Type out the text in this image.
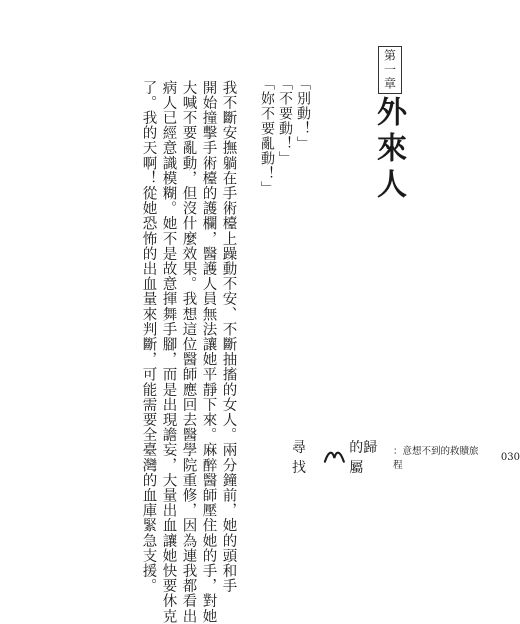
第一章
外來人
「別動！」
「不要動！」
「妳不要亂動！」
我不斷安撫躺在手術檯上躁動不安、不斷抽搐的女人。兩分鐘前，她的頭和手
開始撞擊手術檯的護欄，醫護人員無法讓她平靜下來。麻醉醫師壓住她的手，對她
大喊不要亂動，但沒什麼效果。我想這位醫師應回去醫學院重修，因為連我都看出
病人已經意識模糊。她不是故意揮舞手腳，而是出現譫妄，大量出血讓她快要休克
了。我的天啊！從她恐怖的出血量來判斷，可能需要全臺灣的血庫緊急支援。	尋找
的歸屬
：意想不到的救贖旅程
030
